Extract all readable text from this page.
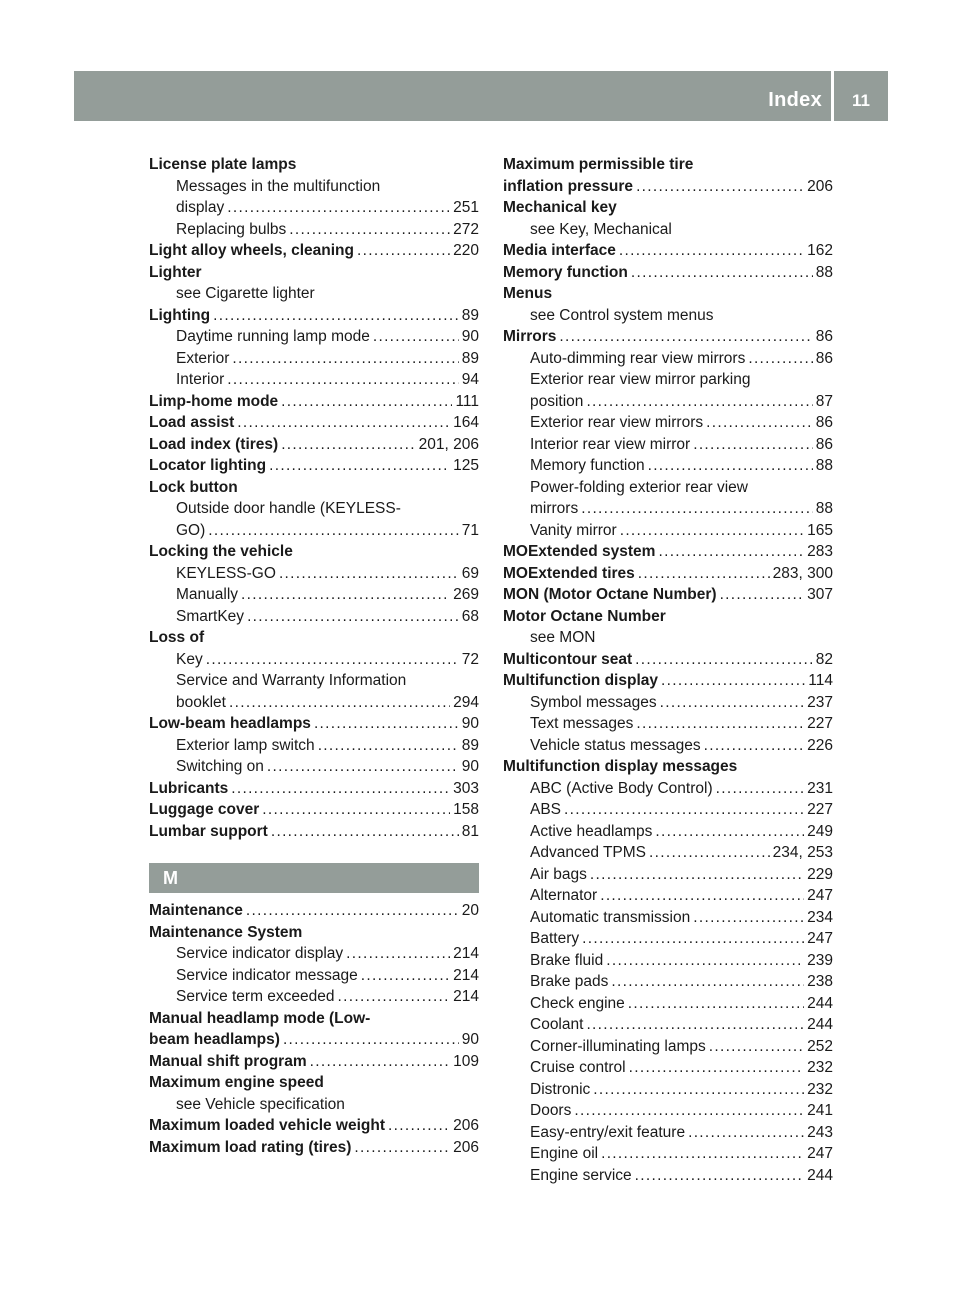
Index	11
License plate lamps
Messages in the multifunction
display . . .	251
Replacing bulbs . . .	272
Light alloy wheels, cleaning . . .	220
Lighter
see Cigarette lighter
Lighting . . .	89
Daytime running lamp mode . . .	90
Exterior . . .	89
Interior . . .	94
Limp-home mode . . .	111
Load assist . . .	164
Load index (tires) . . .	201, 206
Locator lighting . . .	125
Lock button
Outside door handle (KEYLESS-
GO) . . .	71
Locking the vehicle
KEYLESS-GO . . .	69
Manually . . .	269
SmartKey . . .	68
Loss of
Key . . .	72
Service and Warranty Information
booklet . . .	294
Low-beam headlamps . . .	90
Exterior lamp switch . . .	89
Switching on . . .	90
Lubricants . . .	303
Luggage cover . . .	158
Lumbar support . . .	81
M
Maintenance . . .	20
Maintenance System
Service indicator display . . .	214
Service indicator message . . .	214
Service term exceeded . . .	214
Manual headlamp mode (Low-
beam headlamps) . . .	90
Manual shift program . . .	109
Maximum engine speed
see Vehicle specification
Maximum loaded vehicle weight . . .	206
Maximum load rating (tires) . . .	206
Maximum permissible tire
inflation pressure . . .	206
Mechanical key
see Key, Mechanical
Media interface . . .	162
Memory function . . .	88
Menus
see Control system menus
Mirrors . . .	86
Auto-dimming rear view mirrors . . .	86
Exterior rear view mirror parking
position . . .	87
Exterior rear view mirrors . . .	86
Interior rear view mirror . . .	86
Memory function . . .	88
Power-folding exterior rear view
mirrors . . .	88
Vanity mirror . . .	165
MOExtended system . . .	283
MOExtended tires . . .	283, 300
MON (Motor Octane Number) . . .	307
Motor Octane Number
see MON
Multicontour seat . . .	82
Multifunction display . . .	114
Symbol messages . . .	237
Text messages . . .	227
Vehicle status messages . . .	226
Multifunction display messages
ABC (Active Body Control) . . .	231
ABS . . .	227
Active headlamps . . .	249
Advanced TPMS . . .	234, 253
Air bags . . .	229
Alternator . . .	247
Automatic transmission . . .	234
Battery . . .	247
Brake fluid . . .	239
Brake pads . . .	238
Check engine . . .	244
Coolant . . .	244
Corner-illuminating lamps . . .	252
Cruise control . . .	232
Distronic . . .	232
Doors . . .	241
Easy-entry/exit feature . . .	243
Engine oil . . .	247
Engine service . . .	244
